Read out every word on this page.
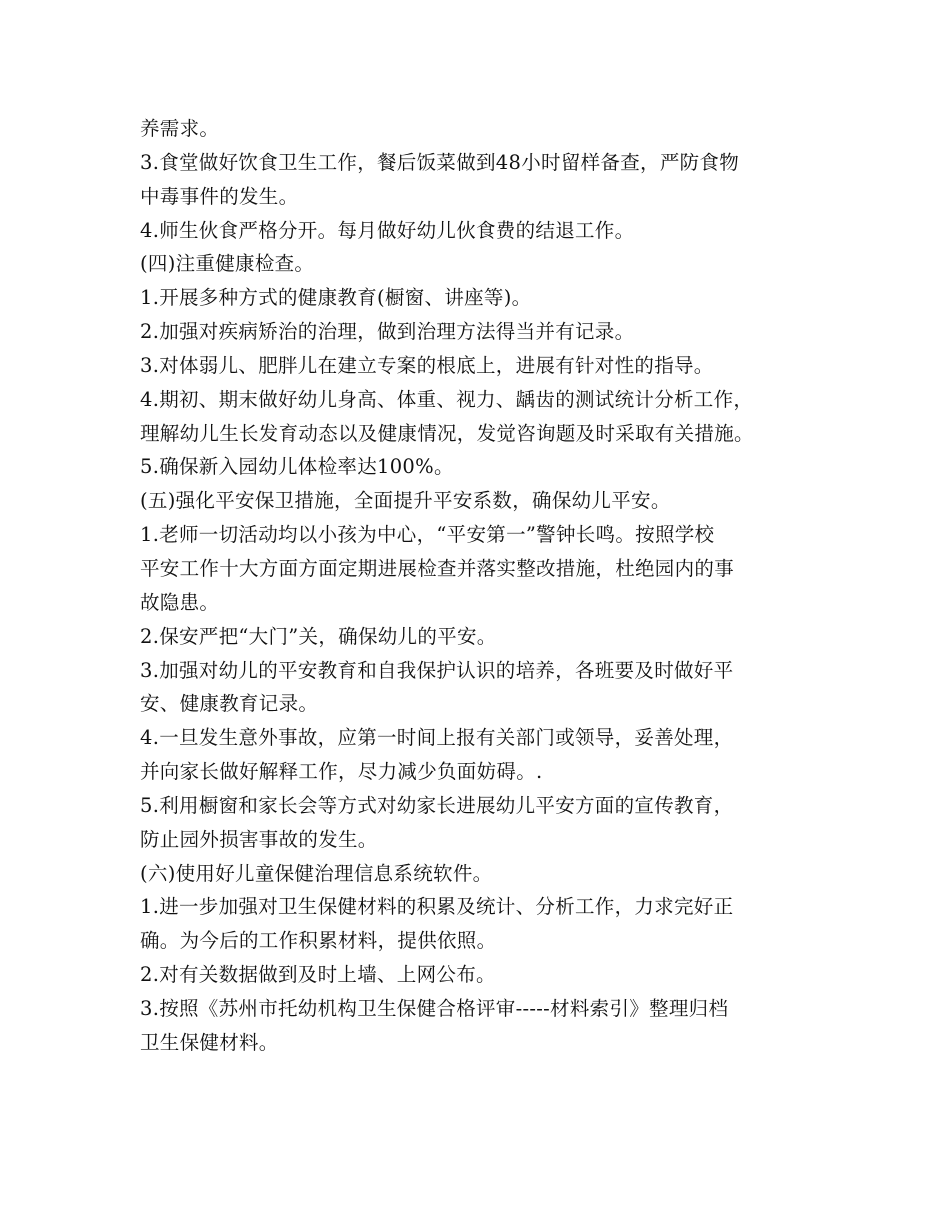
养需求。
3.食堂做好饮食卫生工作，餐后饭菜做到48小时留样备查，严防食物
中毒事件的发生。
4.师生伙食严格分开。每月做好幼儿伙食费的结退工作。
(四)注重健康检查。
1.开展多种方式的健康教育(橱窗、讲座等)。
2.加强对疾病矫治的治理，做到治理方法得当并有记录。
3.对体弱儿、肥胖儿在建立专案的根底上，进展有针对性的指导。
4.期初、期末做好幼儿身高、体重、视力、龋齿的测试统计分析工作，
理解幼儿生长发育动态以及健康情况，发觉咨询题及时采取有关措施。
5.确保新入园幼儿体检率达100%。
(五)强化平安保卫措施，全面提升平安系数，确保幼儿平安。
1.老师一切活动均以小孩为中心，“平安第一”警钟长鸣。按照学校
平安工作十大方面方面定期进展检查并落实整改措施，杜绝园内的事
故隐患。
2.保安严把“大门”关，确保幼儿的平安。
3.加强对幼儿的平安教育和自我保护认识的培养，各班要及时做好平
安、健康教育记录。
4.一旦发生意外事故，应第一时间上报有关部门或领导，妥善处理，
并向家长做好解释工作，尽力减少负面妨碍。.
5.利用橱窗和家长会等方式对幼家长进展幼儿平安方面的宣传教育，
防止园外损害事故的发生。
(六)使用好儿童保健治理信息系统软件。
1.进一步加强对卫生保健材料的积累及统计、分析工作，力求完好正
确。为今后的工作积累材料，提供依照。
2.对有关数据做到及时上墙、上网公布。
3.按照《苏州市托幼机构卫生保健合格评审-----材料索引》整理归档
卫生保健材料。
